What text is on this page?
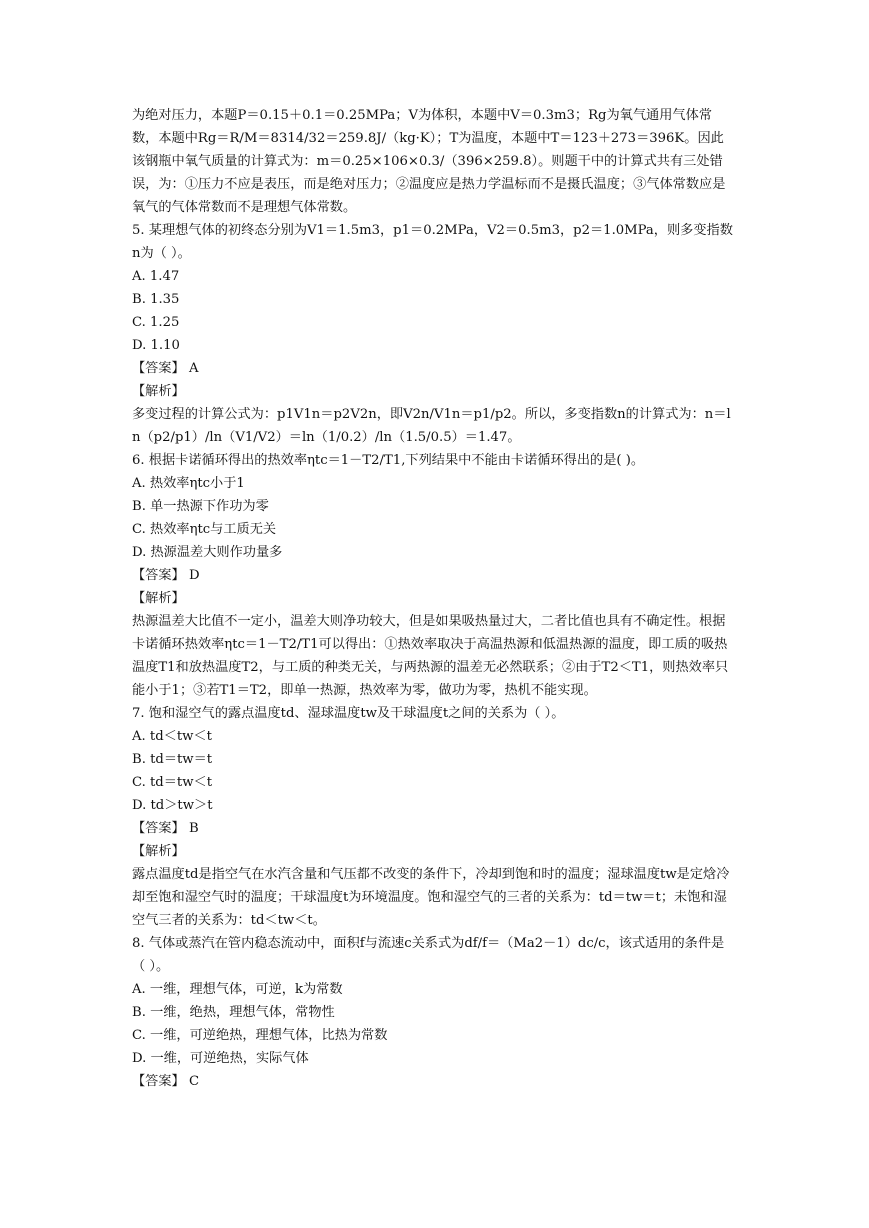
为绝对压力，本题P＝0.15＋0.1＝0.25MPa；V为体积，本题中V＝0.3m3；Rg为氧气通用气体常数，本题中Rg＝R/M＝8314/32＝259.8J/（kg·K）；T为温度，本题中T＝123＋273＝396K。因此该钢瓶中氧气质量的计算式为：m＝0.25×106×0.3/（396×259.8）。则题干中的计算式共有三处错误，为：①压力不应是表压，而是绝对压力；②温度应是热力学温标而不是摄氏温度；③气体常数应是氧气的气体常数而不是理想气体常数。

5. 某理想气体的初终态分别为V1＝1.5m3，p1＝0.2MPa，V2＝0.5m3，p2＝1.0MPa，则多变指数n为（ ）。

A. 1.47

B. 1.35

C. 1.25

D. 1.10

【答案】 A

【解析】

多变过程的计算公式为：p1V1n＝p2V2n，即V2n/V1n＝p1/p2。所以，多变指数n的计算式为：n＝ln（p2/p1）/ln（V1/V2）＝ln（1/0.2）/ln（1.5/0.5）＝1.47。

6. 根据卡诺循环得出的热效率ηtc＝1－T2/T1,下列结果中不能由卡诺循环得出的是( )。

A. 热效率ηtc小于1

B. 单一热源下作功为零

C. 热效率ηtc与工质无关

D. 热源温差大则作功量多

【答案】 D

【解析】

热源温差大比值不一定小，温差大则净功较大，但是如果吸热量过大，二者比值也具有不确定性。根据卡诺循环热效率ηtc＝1－T2/T1可以得出：①热效率取决于高温热源和低温热源的温度，即工质的吸热温度T1和放热温度T2，与工质的种类无关，与两热源的温差无必然联系；②由于T2＜T1，则热效率只能小于1；③若T1＝T2，即单一热源，热效率为零，做功为零，热机不能实现。

7. 饱和湿空气的露点温度td、湿球温度tw及干球温度t之间的关系为（ ）。

A. td＜tw＜t

B. td＝tw＝t

C. td＝tw＜t

D. td＞tw＞t

【答案】 B

【解析】

露点温度td是指空气在水汽含量和气压都不改变的条件下，冷却到饱和时的温度；湿球温度tw是定焓冷却至饱和湿空气时的温度；干球温度t为环境温度。饱和湿空气的三者的关系为：td＝tw＝t；未饱和湿空气三者的关系为：td＜tw＜t。

8. 气体或蒸汽在管内稳态流动中，面积f与流速c关系式为df/f＝（Ma2－1）dc/c，该式适用的条件是（ ）。

A. 一维，理想气体，可逆，k为常数

B. 一维，绝热，理想气体，常物性

C. 一维，可逆绝热，理想气体，比热为常数

D. 一维，可逆绝热，实际气体

【答案】 C
